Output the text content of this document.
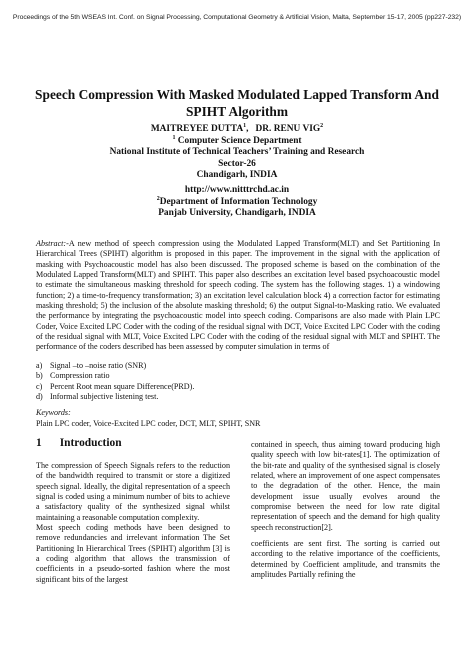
Proceedings of the 5th WSEAS Int. Conf. on Signal Processing, Computational Geometry & Artificial Vision, Malta, September 15-17, 2005 (pp227-232)
Speech Compression With Masked Modulated Lapped Transform And
SPIHT Algorithm
MAITREYEE DUTTA$^1$,   DR. RENU VIG$^2$
$^1$ Computer Science Department
National Institute of Technical Teachers’ Training and Research
Sector-26
Chandigarh, INDIA
http://www.nitttrchd.ac.in
$^2$Department of Information Technology
Panjab University, Chandigarh, INDIA
Abstract:-A new method of speech compression using the Modulated Lapped Transform(MLT) and Set Partitioning In Hierarchical Trees (SPIHT) algorithm is proposed in this paper. The improvement in the signal with the application of masking with Psychoacoustic model has also been discussed. The proposed scheme is based on the combination of the Modulated Lapped Transform(MLT) and SPIHT. This paper also describes an excitation level based psychoacoustic model to estimate the simultaneous masking threshold for speech coding. The system has the following stages. 1) a windowing function; 2) a time-to-frequency transformation; 3) an excitation level calculation block 4) a correction factor for estimating masking threshold; 5) the inclusion of the absolute masking threshold; 6) the output Signal-to-Masking ratio. We evaluated the performance by integrating the psychoacoustic model into speech coding. Comparisons are also made with Plain LPC Coder, Voice Excited LPC Coder with the coding of the residual signal with DCT, Voice Excited LPC Coder with the coding of the residual signal with MLT, Voice Excited LPC Coder with the coding of the residual signal with MLT and SPIHT. The performance of the coders described has been assessed by computer simulation in terms of
a) Signal –to –noise ratio (SNR)
b) Compression ratio
c) Percent Root mean square Difference(PRD).
d) Informal subjective listening test.
Keywords:
Plain LPC coder, Voice-Excited LPC coder, DCT, MLT, SPIHT, SNR
1 Introduction

The compression of Speech Signals refers to the reduction of the bandwidth required to transmit or store a digitized speech signal. Ideally, the digital representation of a speech signal is coded using a minimum number of bits to achieve a satisfactory quality of the synthesized signal whilst maintaining a reasonable computation complexity.

Most speech coding methods have been designed to remove redundancies and irrelevant information The Set Partitioning In Hierarchical Trees (SPIHT) algorithm [3] is a coding algorithm that allows the transmission of coefficients in a pseudo-sorted fashion where the most significant bits of the largest

contained in speech, thus aiming toward producing high quality speech with low bit-rates[1]. The optimization of the bit-rate and quality of the synthesised signal is closely related, where an improvement of one aspect compensates to the degradation of the other. Hence, the main development issue usually evolves around the compromise between the need for low rate digital representation of speech and the demand for high quality speech reconstruction[2].

coefficients are sent first. The sorting is carried out according to the relative importance of the coefficients, determined by Coefficient amplitude, and transmits the amplitudes Partially refining the
